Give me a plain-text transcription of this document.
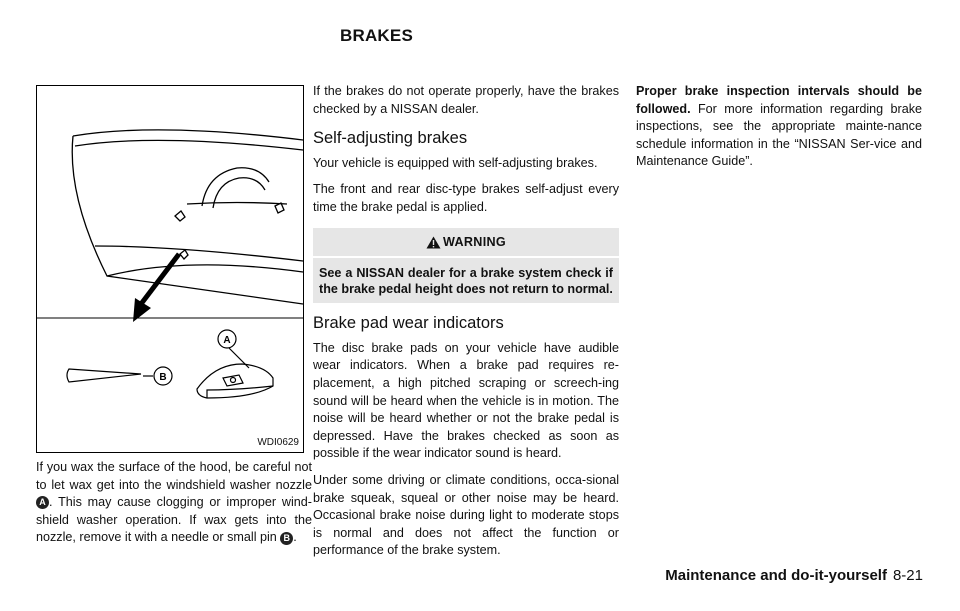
BRAKES
A
B
WDI0629
If you wax the surface of the hood, be careful not to let wax get into the windshield washer nozzle A . This may cause clogging or improper wind-shield washer operation. If wax gets into the nozzle, remove it with a needle or small pin B .

If the brakes do not operate properly, have the brakes checked by a NISSAN dealer.

Self-adjusting brakes

Your vehicle is equipped with self-adjusting brakes.

The front and rear disc-type brakes self-adjust every time the brake pedal is applied.

WARNING
See a NISSAN dealer for a brake system check if the brake pedal height does not return to normal.
Brake pad wear indicators

The disc brake pads on your vehicle have audible wear indicators. When a brake pad requires re-placement, a high pitched scraping or screech-ing sound will be heard when the vehicle is in motion. The noise will be heard whether or not the brake pedal is depressed. Have the brakes checked as soon as possible if the wear indicator sound is heard.

Under some driving or climate conditions, occa-sional brake squeak, squeal or other noise may be heard. Occasional brake noise during light to moderate stops is normal and does not affect the function or performance of the brake system.

Proper brake inspection intervals should be followed. For more information regarding brake inspections, see the appropriate mainte-nance schedule information in the “NISSAN Ser-vice and Maintenance Guide”.
Maintenance and do-it-yourself 8-21
